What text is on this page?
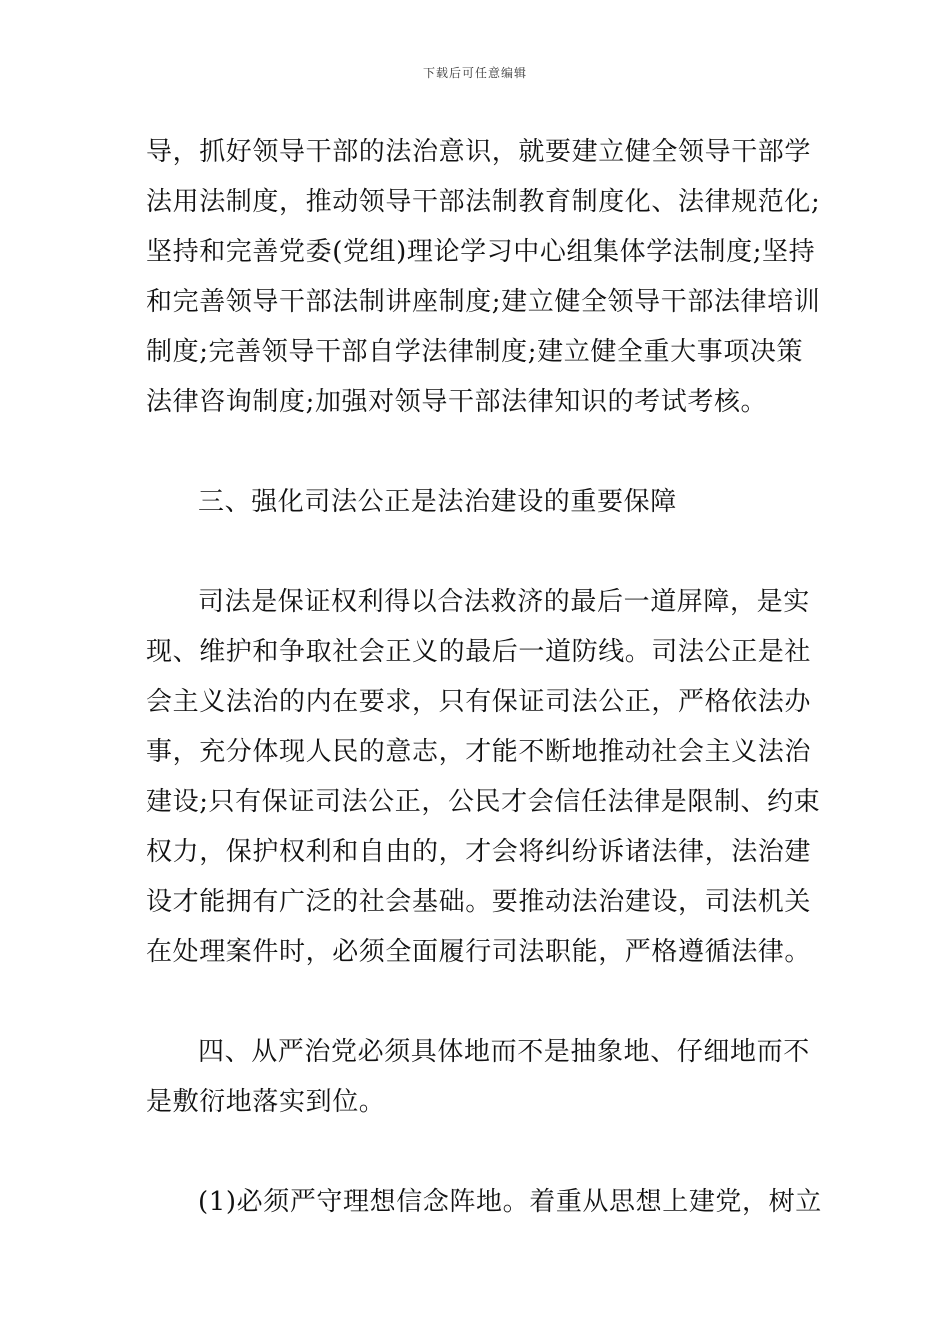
下载后可任意编辑
导，抓好领导干部的法治意识，就要建立健全领导干部学
法用法制度，推动领导干部法制教育制度化、法律规范化;
坚持和完善党委(党组)理论学习中心组集体学法制度;坚持
和完善领导干部法制讲座制度;建立健全领导干部法律培训
制度;完善领导干部自学法律制度;建立健全重大事项决策
法律咨询制度;加强对领导干部法律知识的考试考核。
三、强化司法公正是法治建设的重要保障
司法是保证权利得以合法救济的最后一道屏障，是实
现、维护和争取社会正义的最后一道防线。司法公正是社
会主义法治的内在要求，只有保证司法公正，严格依法办
事，充分体现人民的意志，才能不断地推动社会主义法治
建设;只有保证司法公正，公民才会信任法律是限制、约束
权力，保护权利和自由的，才会将纠纷诉诸法律，法治建
设才能拥有广泛的社会基础。要推动法治建设，司法机关
在处理案件时，必须全面履行司法职能，严格遵循法律。
四、从严治党必须具体地而不是抽象地、仔细地而不
是敷衍地落实到位。
(1)必须严守理想信念阵地。着重从思想上建党，树立
